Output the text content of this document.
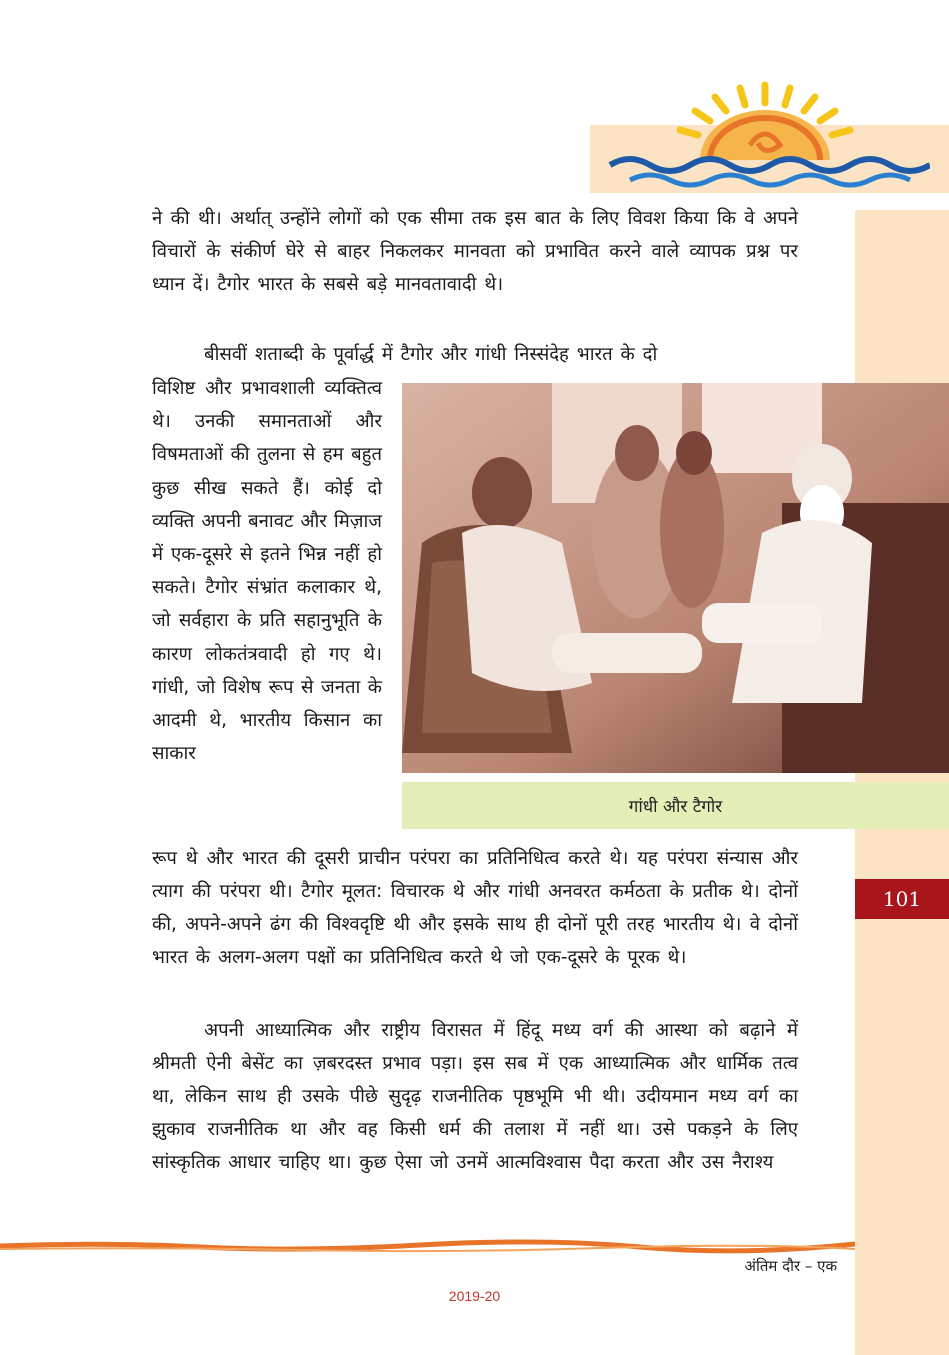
ने की थी। अर्थात् उन्होंने लोगों को एक सीमा तक इस बात के लिए विवश किया कि वे अपने विचारों के संकीर्ण घेरे से बाहर निकलकर मानवता को प्रभावित करने वाले व्यापक प्रश्न पर ध्यान दें। टैगोर भारत के सबसे बड़े मानवतावादी थे।

बीसवीं शताब्दी के पूर्वार्द्ध में टैगोर और गांधी निस्संदेह भारत के दो

विशिष्ट और प्रभावशाली व्यक्तित्व थे। उनकी समानताओं और विषमताओं की तुलना से हम बहुत कुछ सीख सकते हैं। कोई दो व्यक्ति अपनी बनावट और मिज़ाज में एक-दूसरे से इतने भिन्न नहीं हो सकते। टैगोर संभ्रांत कलाकार थे, जो सर्वहारा के प्रति सहानुभूति के कारण लोकतंत्रवादी हो गए थे। गांधी, जो विशेष रूप से जनता के आदमी थे, भारतीय किसान का साकार

गांधी और टैगोर

रूप थे और भारत की दूसरी प्राचीन परंपरा का प्रतिनिधित्व करते थे। यह परंपरा संन्यास और त्याग की परंपरा थी। टैगोर मूलत: विचारक थे और गांधी अनवरत कर्मठता के प्रतीक थे। दोनों की, अपने-अपने ढंग की विश्वदृष्टि थी और इसके साथ ही दोनों पूरी तरह भारतीय थे। वे दोनों भारत के अलग-अलग पक्षों का प्रतिनिधित्व करते थे जो एक-दूसरे के पूरक थे।

101

अपनी आध्यात्मिक और राष्ट्रीय विरासत में हिंदू मध्य वर्ग की आस्था को बढ़ाने में श्रीमती ऐनी बेसेंट का ज़बरदस्त प्रभाव पड़ा। इस सब में एक आध्यात्मिक और धार्मिक तत्व था, लेकिन साथ ही उसके पीछे सुदृढ़ राजनीतिक पृष्ठभूमि भी थी। उदीयमान मध्य वर्ग का झुकाव राजनीतिक था और वह किसी धर्म की तलाश में नहीं था। उसे पकड़ने के लिए सांस्कृतिक आधार चाहिए था। कुछ ऐसा जो उनमें आत्मविश्वास पैदा करता और उस नैराश्य

अंतिम दौर – एक
2019-20
